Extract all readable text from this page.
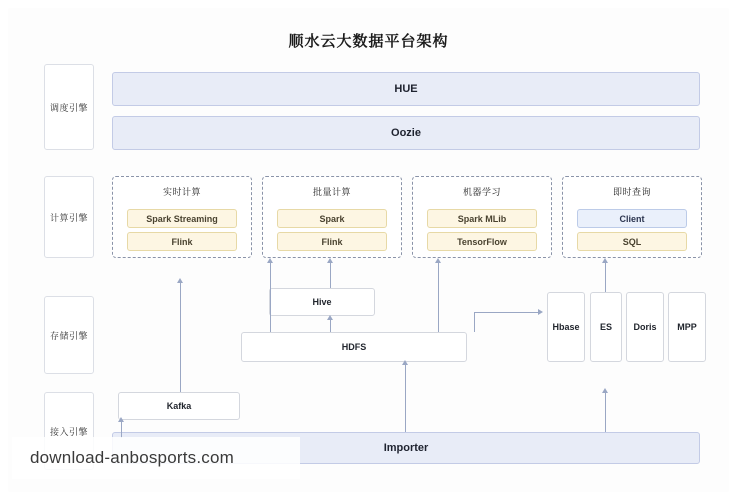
顺水云大数据平台架构
调度引擎
计算引擎
存储引擎
接入引擎
HUE
Oozie
实时计算
Spark Streaming
Flink
批量计算
Spark
Flink
机器学习
Spark MLib
TensorFlow
即时查询
Client
SQL
Hive
HDFS
Hbase ES Doris MPP
Kafka
Importer
download-anbosports.com
